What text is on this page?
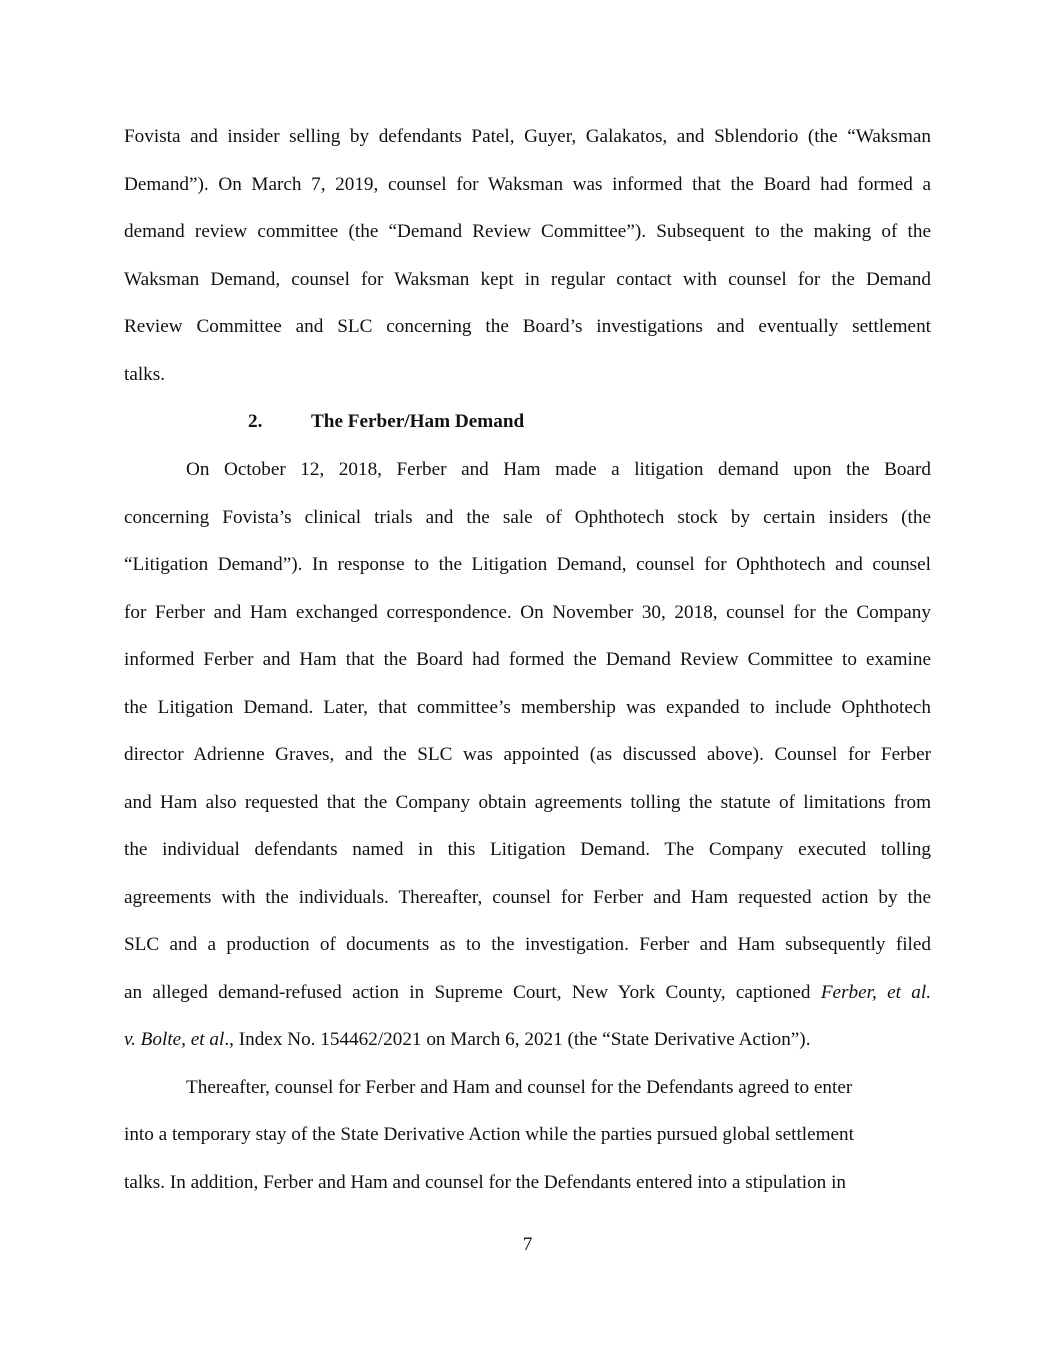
Fovista and insider selling by defendants Patel, Guyer, Galakatos, and Sblendorio (the “Waksman
Demand”). On March 7, 2019, counsel for Waksman was informed that the Board had formed a
demand review committee (the “Demand Review Committee”). Subsequent to the making of the
Waksman Demand, counsel for Waksman kept in regular contact with counsel for the Demand
Review Committee and SLC concerning the Board’s investigations and eventually settlement
talks.
2.	The Ferber/Ham Demand
On October 12, 2018, Ferber and Ham made a litigation demand upon the Board
concerning Fovista’s clinical trials and the sale of Ophthotech stock by certain insiders (the
“Litigation Demand”). In response to the Litigation Demand, counsel for Ophthotech and counsel
for Ferber and Ham exchanged correspondence. On November 30, 2018, counsel for the Company
informed Ferber and Ham that the Board had formed the Demand Review Committee to examine
the Litigation Demand. Later, that committee’s membership was expanded to include Ophthotech
director Adrienne Graves, and the SLC was appointed (as discussed above). Counsel for Ferber
and Ham also requested that the Company obtain agreements tolling the statute of limitations from
the individual defendants named in this Litigation Demand. The Company executed tolling
agreements with the individuals. Thereafter, counsel for Ferber and Ham requested action by the
SLC and a production of documents as to the investigation. Ferber and Ham subsequently filed
an alleged demand-refused action in Supreme Court, New York County, captioned Ferber, et al.
v. Bolte, et al., Index No. 154462/2021 on March 6, 2021 (the “State Derivative Action”).
Thereafter, counsel for Ferber and Ham and counsel for the Defendants agreed to enter
into a temporary stay of the State Derivative Action while the parties pursued global settlement
talks. In addition, Ferber and Ham and counsel for the Defendants entered into a stipulation in
7
